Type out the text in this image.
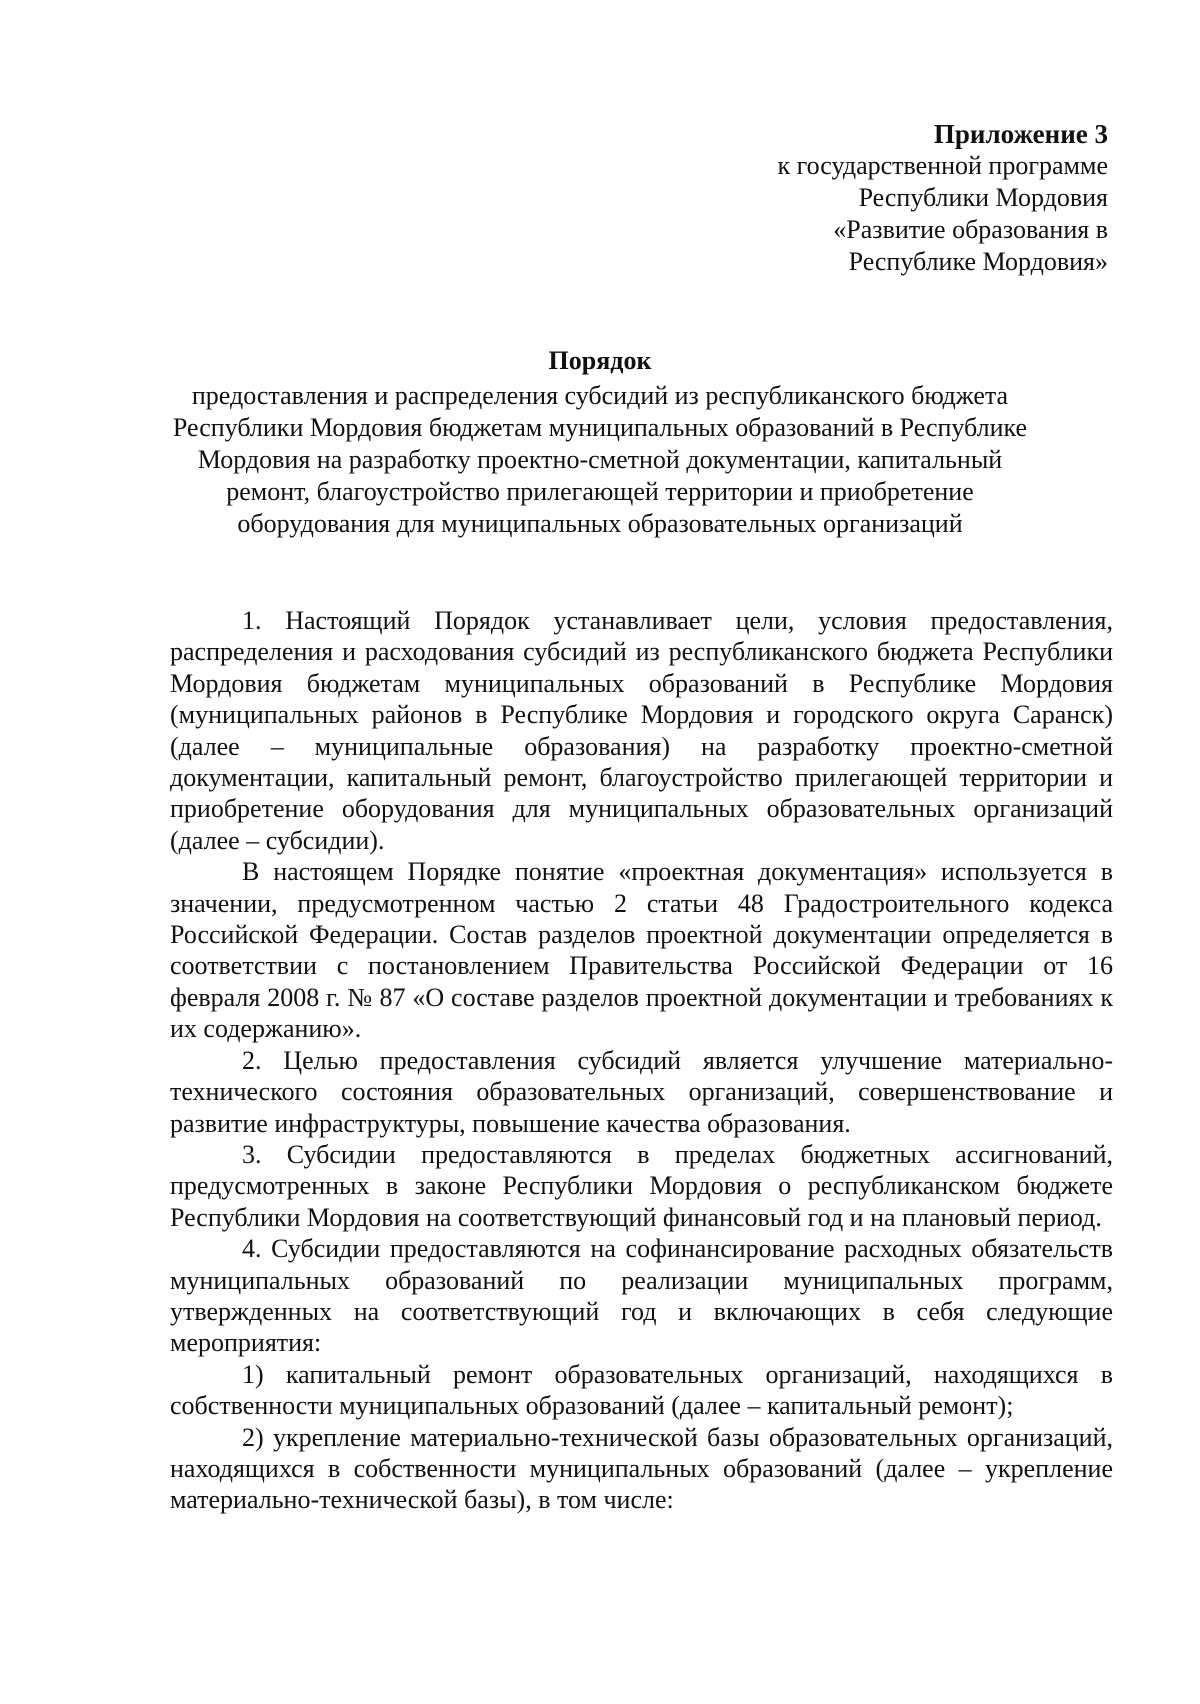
Приложение 3
к государственной программе
Республики Мордовия
«Развитие образования в
Республике Мордовия»
Порядок
предоставления и распределения субсидий из республиканского бюджета
Республики Мордовия бюджетам муниципальных образований в Республике
Мордовия на разработку проектно-сметной документации, капитальный
ремонт, благоустройство прилегающей территории и приобретение
оборудования для муниципальных образовательных организаций

1. Настоящий Порядок устанавливает цели, условия предоставления, распределения и расходования субсидий из республиканского бюджета Республики Мордовия бюджетам муниципальных образований в Республике Мордовия (муниципальных районов в Республике Мордовия и городского округа Саранск) (далее – муниципальные образования) на разработку проектно-сметной документации, капитальный ремонт, благоустройство прилегающей территории и приобретение оборудования для муниципальных образовательных организаций (далее – субсидии).

В настоящем Порядке понятие «проектная документация» используется в значении, предусмотренном частью 2 статьи 48 Градостроительного кодекса Российской Федерации. Состав разделов проектной документации определяется в соответствии с постановлением Правительства Российской Федерации от 16 февраля 2008 г. № 87 «О составе разделов проектной документации и требованиях к их содержанию».

2. Целью предоставления субсидий является улучшение материально-технического состояния образовательных организаций, совершенствование и развитие инфраструктуры, повышение качества образования.

3. Субсидии предоставляются в пределах бюджетных ассигнований, предусмотренных в законе Республики Мордовия о республиканском бюджете Республики Мордовия на соответствующий финансовый год и на плановый период.

4. Субсидии предоставляются на софинансирование расходных обязательств муниципальных образований по реализации муниципальных программ, утвержденных на соответствующий год и включающих в себя следующие мероприятия:

1) капитальный ремонт образовательных организаций, находящихся в собственности муниципальных образований (далее – капитальный ремонт);

2) укрепление материально-технической базы образовательных организаций, находящихся в собственности муниципальных образований (далее – укрепление материально-технической базы), в том числе:
